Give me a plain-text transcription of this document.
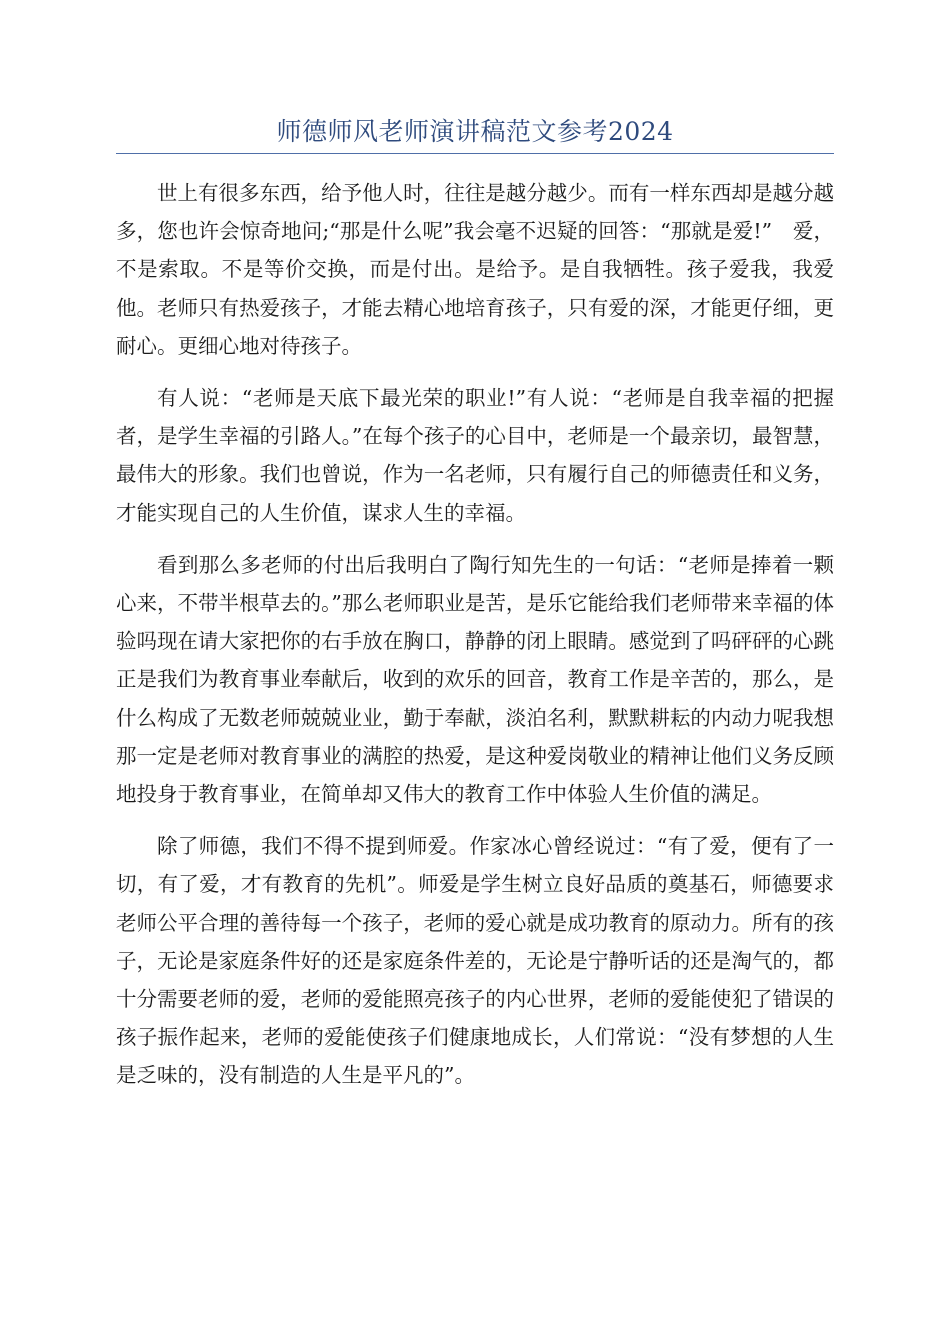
师德师风老师演讲稿范文参考2024

世上有很多东西，给予他人时，往往是越分越少。而有一样东西却是越分越多，您也许会惊奇地问;“那是什么呢”我会毫不迟疑的回答：“那就是爱!”　爱，不是索取。不是等价交换，而是付出。是给予。是自我牺牲。孩子爱我，我爱他。老师只有热爱孩子，才能去精心地培育孩子，只有爱的深，才能更仔细，更耐心。更细心地对待孩子。

有人说：“老师是天底下最光荣的职业!”有人说：“老师是自我幸福的把握者，是学生幸福的引路人。”在每个孩子的心目中，老师是一个最亲切，最智慧，最伟大的形象。我们也曾说，作为一名老师，只有履行自己的师德责任和义务，才能实现自己的人生价值，谋求人生的幸福。

看到那么多老师的付出后我明白了陶行知先生的一句话：“老师是捧着一颗心来，不带半根草去的。”那么老师职业是苦，是乐它能给我们老师带来幸福的体验吗现在请大家把你的右手放在胸口，静静的闭上眼睛。感觉到了吗砰砰的心跳正是我们为教育事业奉献后，收到的欢乐的回音，教育工作是辛苦的，那么，是什么构成了无数老师兢兢业业，勤于奉献，淡泊名利，默默耕耘的内动力呢我想那一定是老师对教育事业的满腔的热爱，是这种爱岗敬业的精神让他们义务反顾地投身于教育事业，在简单却又伟大的教育工作中体验人生价值的满足。

除了师德，我们不得不提到师爱。作家冰心曾经说过：“有了爱，便有了一切，有了爱，才有教育的先机”。师爱是学生树立良好品质的奠基石，师德要求老师公平合理的善待每一个孩子，老师的爱心就是成功教育的原动力。所有的孩子，无论是家庭条件好的还是家庭条件差的，无论是宁静听话的还是淘气的，都十分需要老师的爱，老师的爱能照亮孩子的内心世界，老师的爱能使犯了错误的孩子振作起来，老师的爱能使孩子们健康地成长，人们常说：“没有梦想的人生是乏味的，没有制造的人生是平凡的”。
